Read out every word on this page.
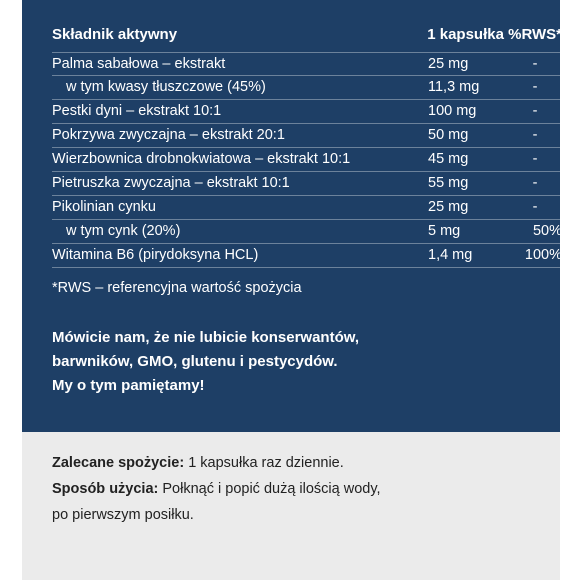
Składnik aktywny	1 kapsułka %RWS*
Palma sabałowa – ekstrakt	25 mg	-
w tym kwasy tłuszczowe (45%)	11,3 mg	-
Pestki dyni – ekstrakt 10:1	100 mg	-
Pokrzywa zwyczajna – ekstrakt 20:1	50 mg	-
Wierzbownica drobnokwiatowa – ekstrakt 10:1	45 mg	-
Pietruszka zwyczajna – ekstrakt 10:1	55 mg	-
Pikolinian cynku	25 mg	-
w tym cynk (20%)	5 mg	50%
Witamina B6 (pirydoksyna HCL)	1,4 mg	100%
*RWS – referencyjna wartość spożycia
Mówicie nam, że nie lubicie konserwantów,
barwników, GMO, glutenu i pestycydów.
My o tym pamiętamy!
Zalecane spożycie: 1 kapsułka raz dziennie.
Sposób użycia: Połknąć i popić dużą ilością wody,
po pierwszym posiłku.
